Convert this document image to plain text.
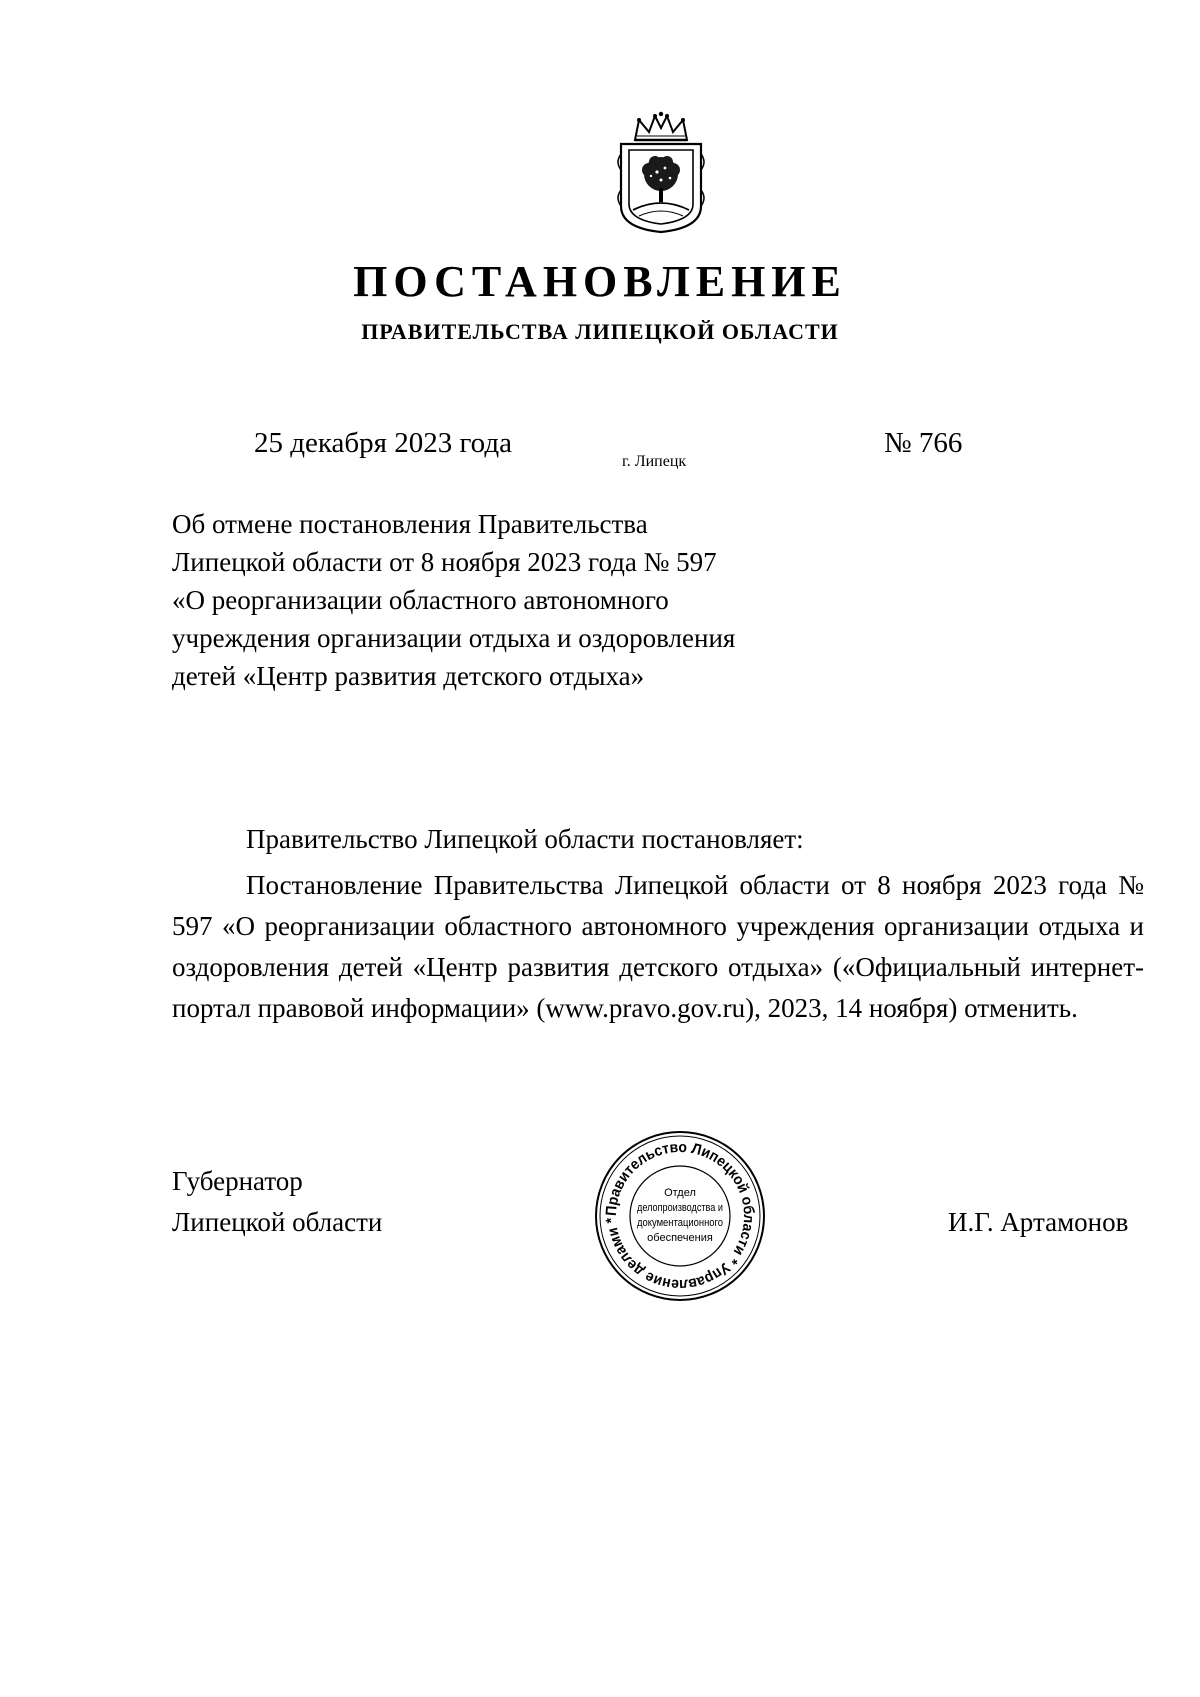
ПОСТАНОВЛЕНИЕ
ПРАВИТЕЛЬСТВА ЛИПЕЦКОЙ ОБЛАСТИ
25 декабря 2023 года
г. Липецк
№ 766
Об отмене постановления Правительства
Липецкой области от 8 ноября 2023 года № 597
«О реорганизации областного автономного
учреждения организации отдыха и оздоровления
детей «Центр развития детского отдыха»
Правительство Липецкой области постановляет:

Постановление Правительства Липецкой области от 8 ноября 2023 года № 597 «О реорганизации областного автономного учреждения организации отдыха и оздоровления детей «Центр развития детского отдыха» («Официальный интернет-портал правовой информации» (www.pravo.gov.ru), 2023, 14 ноября) отменить.

Губернатор
Липецкой области	Правительство Липецкой области * Управление делами *
Отдел
делопроизводства и
документационного
обеспечения
И.Г. Артамонов
